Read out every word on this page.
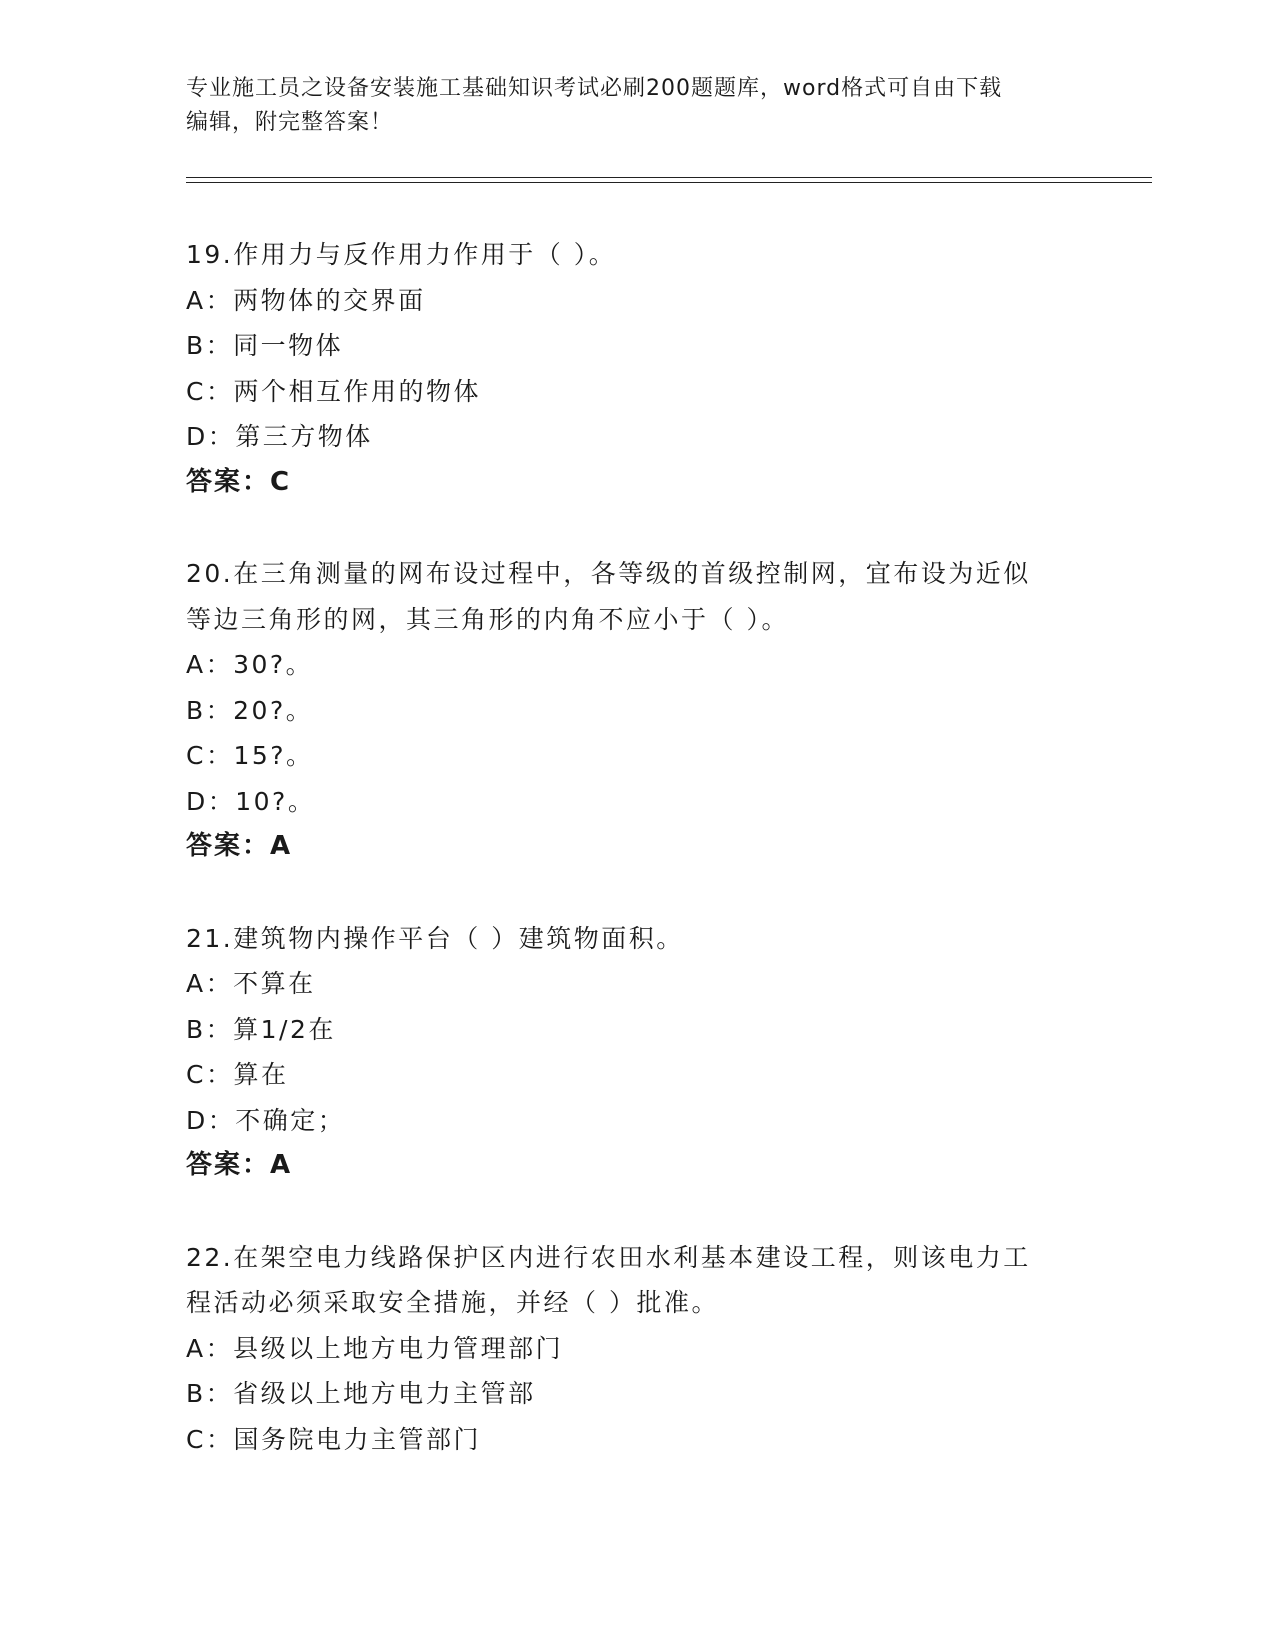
专业施工员之设备安装施工基础知识考试必刷200题题库，word格式可自由下载
编辑，附完整答案！
19.作用力与反作用力作用于（ ）。
A：两物体的交界面
B：同一物体
C：两个相互作用的物体
D：第三方物体
答案：C
20.在三角测量的网布设过程中，各等级的首级控制网，宜布设为近似
等边三角形的网，其三角形的内角不应小于（ ）。
A：30?。
B：20?。
C：15?。
D：10?。
答案：A
21.建筑物内操作平台（ ）建筑物面积。
A：不算在
B：算1/2在
C：算在
D：不确定；
答案：A
22.在架空电力线路保护区内进行农田水利基本建设工程，则该电力工
程活动必须采取安全措施，并经（ ）批准。
A：县级以上地方电力管理部门
B：省级以上地方电力主管部
C：国务院电力主管部门
